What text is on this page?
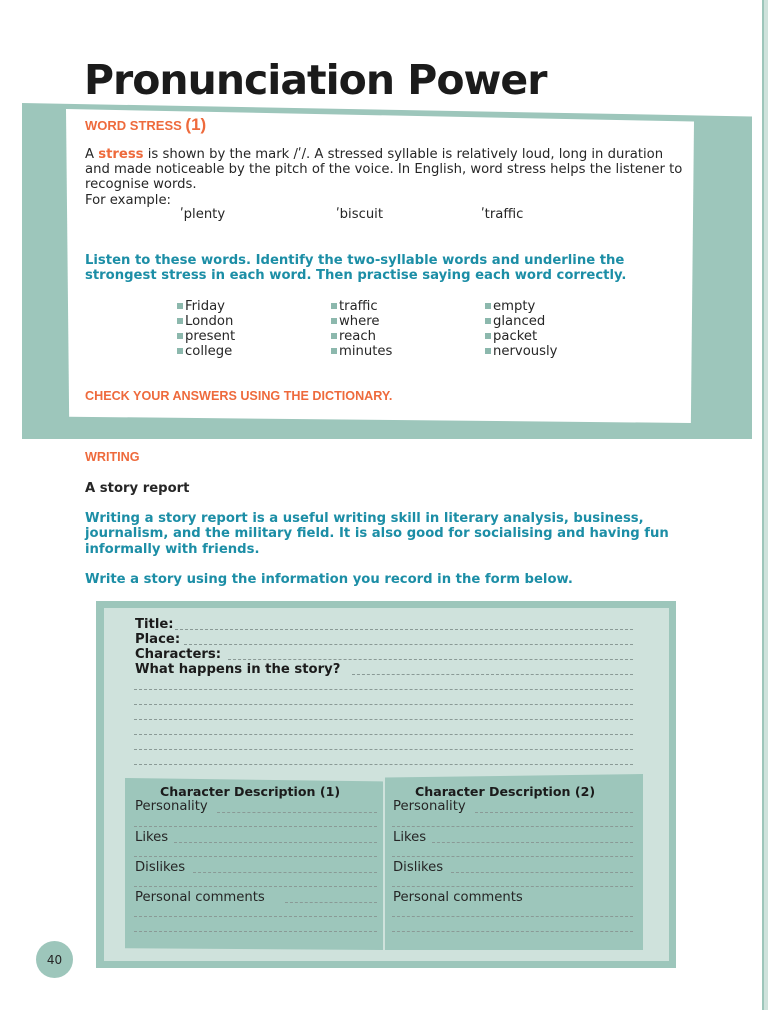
Pronunciation Power
WORD STRESS (1)
A stress is shown by the mark /ʹ/. A stressed syllable is relatively loud, long in duration and made noticeable by the pitch of the voice. In English, word stress helps the listener to recognise words.
For example:
ʹplenty	ʹbiscuit	ʹtraffic
Listen to these words. Identify the two-syllable words and underline the strongest stress in each word. Then practise saying each word correctly.
Friday
London
present
college
traffic
where
reach
minutes
empty
glanced
packet
nervously
CHECK YOUR ANSWERS USING THE DICTIONARY.
WRITING
A story report
Writing a story report is a useful writing skill in literary analysis, business, journalism, and the military field. It is also good for socialising and having fun informally with friends.
Write a story using the information you record in the form below.
Title:
Place:
Characters:
What happens in the story?
Character Description (1)
Personality
Likes
Dislikes
Personal comments
Character Description (2)
Personality
Likes
Dislikes
Personal comments
40
